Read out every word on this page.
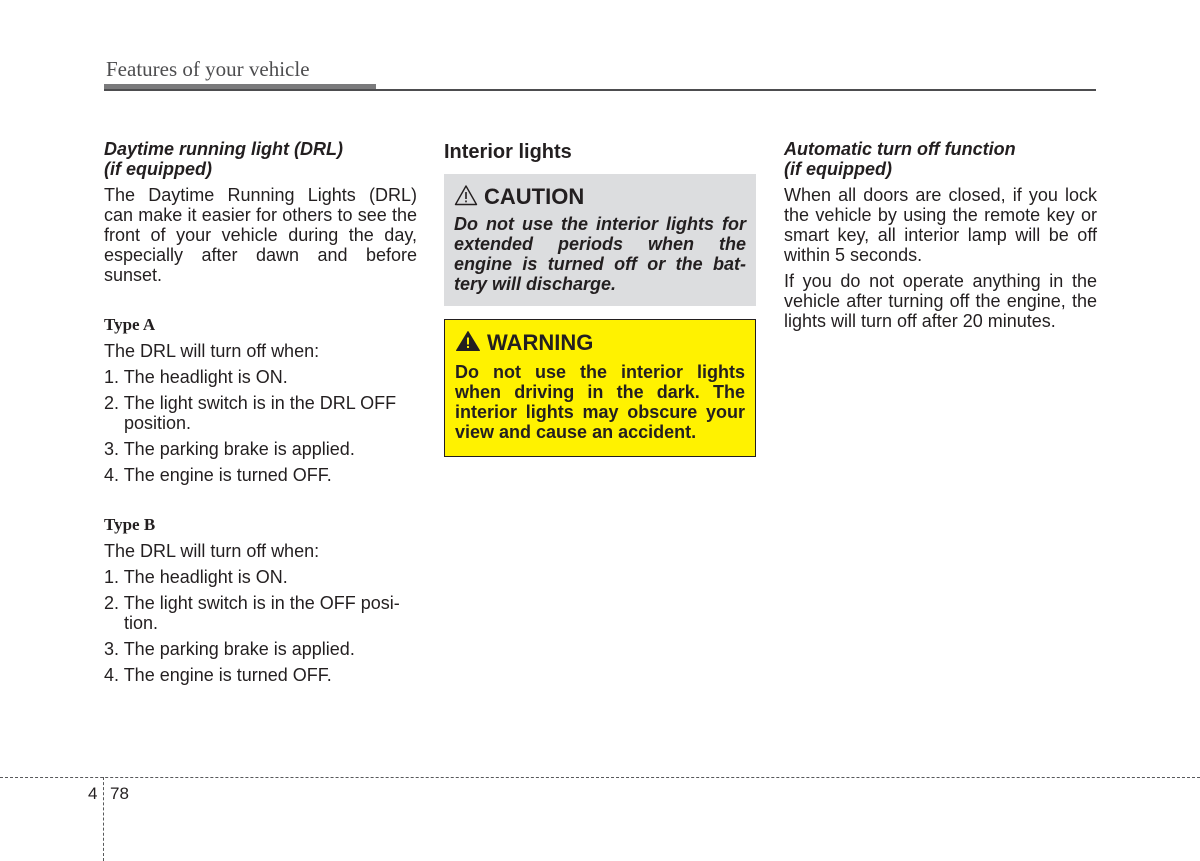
Features of your vehicle
Daytime running light (DRL)
(if equipped)

The Daytime Running Lights (DRL) can make it easier for others to see the front of your vehicle during the day, especially after dawn and before sunset.

Type A

The DRL will turn off when:

1. The headlight is ON.
2. The light switch is in the DRL OFF position.
3. The parking brake is applied.
4. The engine is turned OFF.
Type B

The DRL will turn off when:

1. The headlight is ON.
2. The light switch is in the OFF posi-tion.
3. The parking brake is applied.
4. The engine is turned OFF.
Interior lights
CAUTION
Do not use the interior lights for extended periods when the engine is turned off or the bat-tery will discharge.
WARNING
Do not use the interior lights when driving in the dark. The interior lights may obscure your view and cause an accident.
Automatic turn off function
(if equipped)

When all doors are closed, if you lock the vehicle by using the remote key or smart key, all interior lamp will be off within 5 seconds.

If you do not operate anything in the vehicle after turning off the engine, the lights will turn off after 20 minutes.

4 78
